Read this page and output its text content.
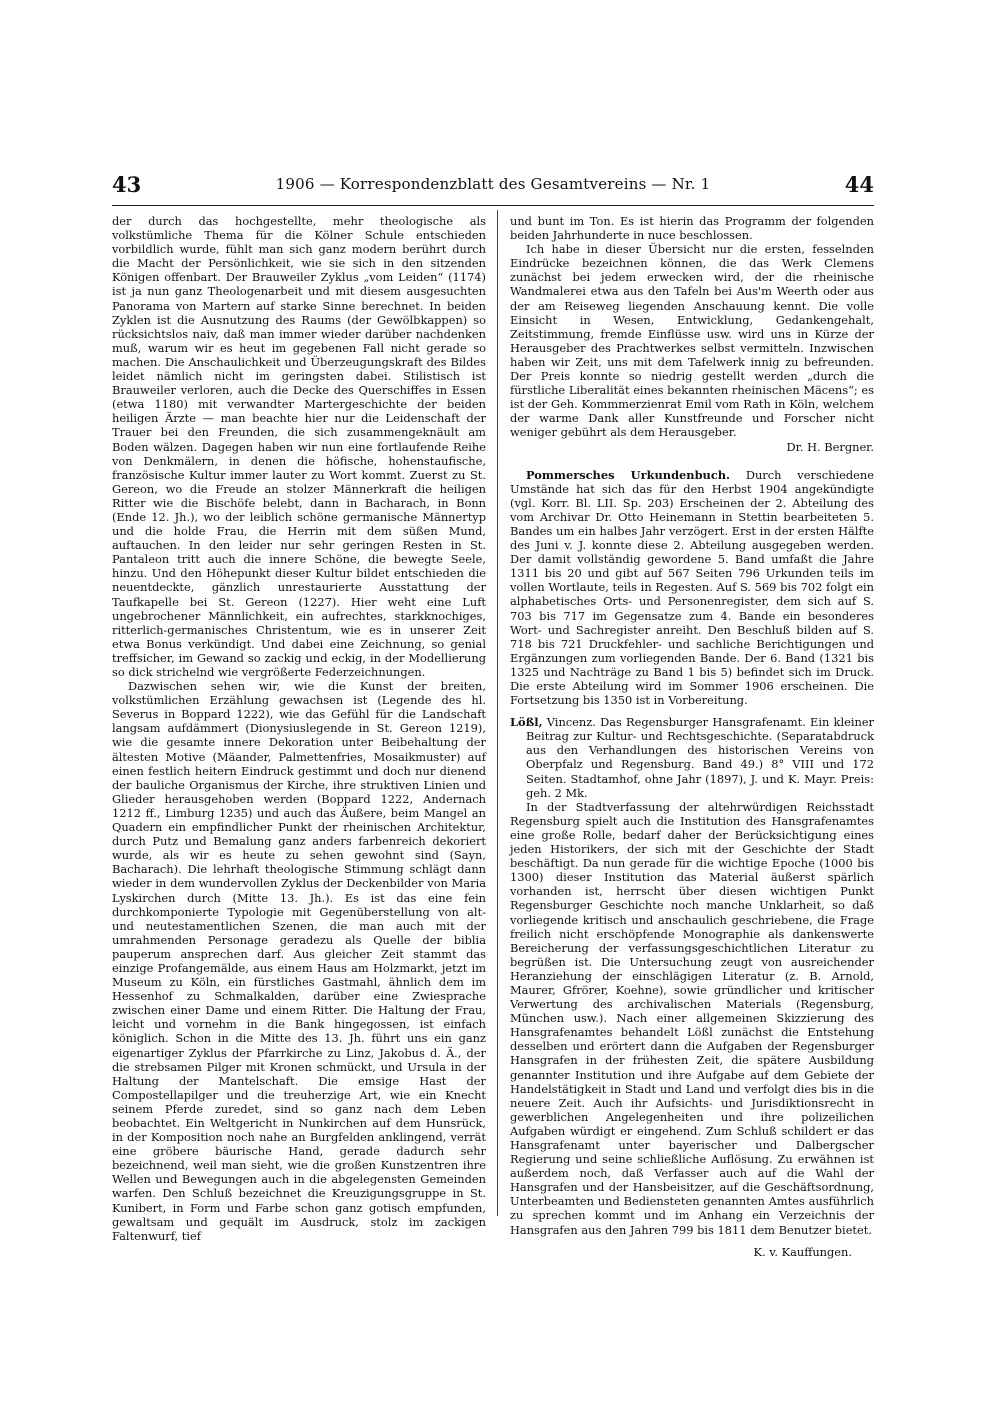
43	1906 — Korrespondenzblatt des Gesamtvereins — Nr. 1	44

der durch das hochgestellte, mehr theologische als volkstümliche Thema für die Kölner Schule entschieden vorbildlich wurde, fühlt man sich ganz modern berührt durch die Macht der Persönlichkeit, wie sie sich in den sitzenden Königen offenbart. Der Brauweiler Zyklus „vom Leiden“ (1174) ist ja nun ganz Theologenarbeit und mit diesem ausgesuchten Panorama von Martern auf starke Sinne berechnet. In beiden Zyklen ist die Ausnutzung des Raums (der Gewölbkappen) so rücksichtslos naiv, daß man immer wieder darüber nachdenken muß, warum wir es heut im gegebenen Fall nicht gerade so machen. Die Anschaulichkeit und Überzeugungskraft des Bildes leidet nämlich nicht im geringsten dabei. Stilistisch ist Brauweiler verloren, auch die Decke des Querschiffes in Essen (etwa 1180) mit verwandter Martergeschichte der beiden heiligen Ärzte — man beachte hier nur die Leidenschaft der Trauer bei den Freunden, die sich zusammengeknäult am Boden wälzen. Dagegen haben wir nun eine fortlaufende Reihe von Denkmälern, in denen die höfische, hohenstaufische, französische Kultur immer lauter zu Wort kommt. Zuerst zu St. Gereon, wo die Freude an stolzer Männerkraft die heiligen Ritter wie die Bischöfe belebt, dann in Bacharach, in Bonn (Ende 12. Jh.), wo der leiblich schöne germanische Männertyp und die holde Frau, die Herrin mit dem süßen Mund, auftauchen. In den leider nur sehr geringen Resten in St. Pantaleon tritt auch die innere Schöne, die bewegte Seele, hinzu. Und den Höhepunkt dieser Kultur bildet entschieden die neuentdeckte, gänzlich unrestaurierte Ausstattung der Taufkapelle bei St. Gereon (1227). Hier weht eine Luft ungebrochener Männlichkeit, ein aufrechtes, starkknochiges, ritterlich-germanisches Christentum, wie es in unserer Zeit etwa Bonus verkündigt. Und dabei eine Zeichnung, so genial treffsicher, im Gewand so zackig und eckig, in der Modellierung so dick strichelnd wie vergrößerte Federzeichnungen.

Dazwischen sehen wir, wie die Kunst der breiten, volkstümlichen Erzählung gewachsen ist (Legende des hl. Severus in Boppard 1222), wie das Gefühl für die Landschaft langsam aufdämmert (Dionysiuslegende in St. Gereon 1219), wie die gesamte innere Dekoration unter Beibehaltung der ältesten Motive (Mäander, Palmettenfries, Mosaikmuster) auf einen festlich heitern Eindruck gestimmt und doch nur dienend der bauliche Organismus der Kirche, ihre struktiven Linien und Glieder herausgehoben werden (Boppard 1222, Andernach 1212 ff., Limburg 1235) und auch das Äußere, beim Mangel an Quadern ein empfindlicher Punkt der rheinischen Architektur, durch Putz und Bemalung ganz anders farbenreich dekoriert wurde, als wir es heute zu sehen gewohnt sind (Sayn, Bacharach). Die lehrhaft theologische Stimmung schlägt dann wieder in dem wundervollen Zyklus der Deckenbilder von Maria Lyskirchen durch (Mitte 13. Jh.). Es ist das eine fein durchkomponierte Typologie mit Gegenüberstellung von alt- und neutestamentlichen Szenen, die man auch mit der umrahmenden Personage geradezu als Quelle der biblia pauperum ansprechen darf. Aus gleicher Zeit stammt das einzige Profangemälde, aus einem Haus am Holzmarkt, jetzt im Museum zu Köln, ein fürstliches Gastmahl, ähnlich dem im Hessenhof zu Schmalkalden, darüber eine Zwiesprache zwischen einer Dame und einem Ritter. Die Haltung der Frau, leicht und vornehm in die Bank hingegossen, ist einfach königlich. Schon in die Mitte des 13. Jh. führt uns ein ganz eigenartiger Zyklus der Pfarrkirche zu Linz, Jakobus d. Ä., der die strebsamen Pilger mit Kronen schmückt, und Ursula in der Haltung der Mantelschaft. Die emsige Hast der Compostellapilger und die treuherzige Art, wie ein Knecht seinem Pferde zuredet, sind so ganz nach dem Leben beobachtet. Ein Weltgericht in Nunkirchen auf dem Hunsrück, in der Komposition noch nahe an Burgfelden anklingend, verrät eine gröbere bäurische Hand, gerade dadurch sehr bezeichnend, weil man sieht, wie die großen Kunstzentren ihre Wellen und Bewegungen auch in die abgelegensten Gemeinden warfen. Den Schluß bezeichnet die Kreuzigungsgruppe in St. Kunibert, in Form und Farbe schon ganz gotisch empfunden, gewaltsam und gequält im Ausdruck, stolz im zackigen Faltenwurf, tief

und bunt im Ton. Es ist hierin das Programm der folgenden beiden Jahrhunderte in nuce beschlossen.

Ich habe in dieser Übersicht nur die ersten, fesselnden Eindrücke bezeichnen können, die das Werk Clemens zunächst bei jedem erwecken wird, der die rheinische Wandmalerei etwa aus den Tafeln bei Aus'm Weerth oder aus der am Reiseweg liegenden Anschauung kennt. Die volle Einsicht in Wesen, Entwicklung, Gedankengehalt, Zeitstimmung, fremde Einflüsse usw. wird uns in Kürze der Herausgeber des Prachtwerkes selbst vermitteln. Inzwischen haben wir Zeit, uns mit dem Tafelwerk innig zu befreunden. Der Preis konnte so niedrig gestellt werden „durch die fürstliche Liberalität eines bekannten rheinischen Mäcens“; es ist der Geh. Kommmerzienrat Emil vom Rath in Köln, welchem der warme Dank aller Kunstfreunde und Forscher nicht weniger gebührt als dem Herausgeber.

Dr. H. Bergner.

Pommersches Urkundenbuch. Durch verschiedene Umstände hat sich das für den Herbst 1904 angekündigte (vgl. Korr. Bl. LII. Sp. 203) Erscheinen der 2. Abteilung des vom Archivar Dr. Otto Heinemann in Stettin bearbeiteten 5. Bandes um ein halbes Jahr verzögert. Erst in der ersten Hälfte des Juni v. J. konnte diese 2. Abteilung ausgegeben werden. Der damit vollständig gewordene 5. Band umfaßt die Jahre 1311 bis 20 und gibt auf 567 Seiten 796 Urkunden teils im vollen Wortlaute, teils in Regesten. Auf S. 569 bis 702 folgt ein alphabetisches Orts- und Personenregister, dem sich auf S. 703 bis 717 im Gegensatze zum 4. Bande ein besonderes Wort- und Sachregister anreiht. Den Beschluß bilden auf S. 718 bis 721 Druckfehler- und sachliche Berichtigungen und Ergänzungen zum vorliegenden Bande. Der 6. Band (1321 bis 1325 und Nachträge zu Band 1 bis 5) befindet sich im Druck. Die erste Abteilung wird im Sommer 1906 erscheinen. Die Fortsetzung bis 1350 ist in Vorbereitung.

Lößl, Vincenz. Das Regensburger Hansgrafenamt. Ein kleiner Beitrag zur Kultur- und Rechtsgeschichte. (Separatabdruck aus den Verhandlungen des historischen Vereins von Oberpfalz und Regensburg. Band 49.) 8° VIII und 172 Seiten. Stadtamhof, ohne Jahr (1897), J. und K. Mayr. Preis: geh. 2 Mk.

In der Stadtverfassung der altehrwürdigen Reichsstadt Regensburg spielt auch die Institution des Hansgrafenamtes eine große Rolle, bedarf daher der Berücksichtigung eines jeden Historikers, der sich mit der Geschichte der Stadt beschäftigt. Da nun gerade für die wichtige Epoche (1000 bis 1300) dieser Institution das Material äußerst spärlich vorhanden ist, herrscht über diesen wichtigen Punkt Regensburger Geschichte noch manche Unklarheit, so daß vorliegende kritisch und anschaulich geschriebene, die Frage freilich nicht erschöpfende Monographie als dankenswerte Bereicherung der verfassungsgeschichtlichen Literatur zu begrüßen ist. Die Untersuchung zeugt von ausreichender Heranziehung der einschlägigen Literatur (z. B. Arnold, Maurer, Gfrörer, Koehne), sowie gründlicher und kritischer Verwertung des archivalischen Materials (Regensburg, München usw.). Nach einer allgemeinen Skizzierung des Hansgrafenamtes behandelt Lößl zunächst die Entstehung desselben und erörtert dann die Aufgaben der Regensburger Hansgrafen in der frühesten Zeit, die spätere Ausbildung genannter Institution und ihre Aufgabe auf dem Gebiete der Handelstätigkeit in Stadt und Land und verfolgt dies bis in die neuere Zeit. Auch ihr Aufsichts- und Jurisdiktionsrecht in gewerblichen Angelegenheiten und ihre polizeilichen Aufgaben würdigt er eingehend. Zum Schluß schildert er das Hansgrafenamt unter bayerischer und Dalbergscher Regierung und seine schließliche Auflösung. Zu erwähnen ist außerdem noch, daß Verfasser auch auf die Wahl der Hansgrafen und der Hansbeisitzer, auf die Geschäftsordnung, Unterbeamten und Bediensteten genannten Amtes ausführlich zu sprechen kommt und im Anhang ein Verzeichnis der Hansgrafen aus den Jahren 799 bis 1811 dem Benutzer bietet.

K. v. Kauffungen.
